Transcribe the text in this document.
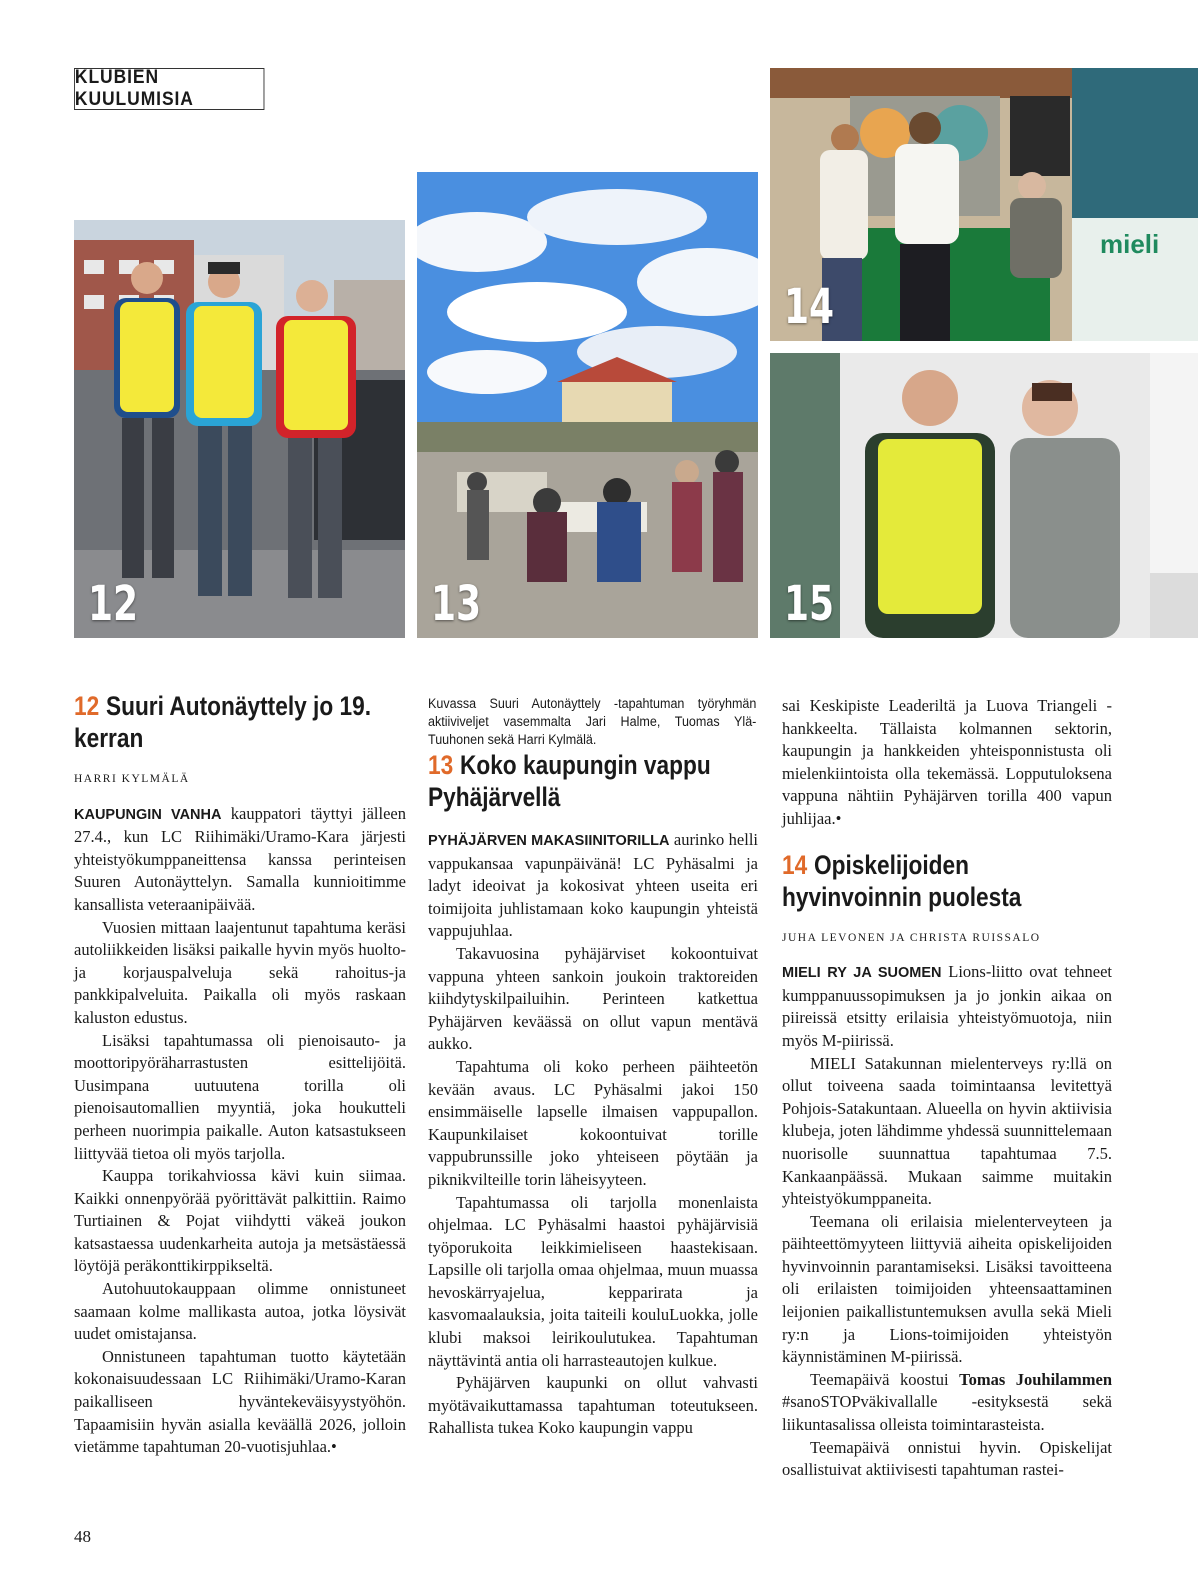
KLUBIEN KUULUMISIA
12	13
mieli
14
15
12 Suuri Autonäyttely jo 19. kerran
HARRI KYLMÄLÄ

KAUPUNGIN VANHA kauppatori täyttyi jälleen 27.4., kun LC Riihimäki/Uramo-Kara järjesti yhteistyökumppaneittensa kanssa perinteisen Suuren Autonäyttelyn. Samalla kunnioitimme kansallista veteraanipäivää.

Vuosien mittaan laajentunut tapahtuma keräsi autoliikkeiden lisäksi paikalle hyvin myös huolto- ja korjauspalveluja sekä rahoitus-ja pankkipalveluita. Paikalla oli myös raskaan kaluston edustus.

Lisäksi tapahtumassa oli pienoisauto- ja moottoripyöräharrastusten esittelijöitä. Uusimpana uutuutena torilla oli pienoisautomallien myyntiä, joka houkutteli perheen nuorimpia paikalle. Auton katsastukseen liittyvää tietoa oli myös tarjolla.

Kauppa torikahviossa kävi kuin siimaa. Kaikki onnenpyörää pyörittävät palkittiin. Raimo Turtiainen & Pojat viihdytti väkeä joukon katsastaessa uudenkarheita autoja ja metsästäessä löytöjä peräkonttikirppikseltä.

Autohuutokauppaan olimme onnistuneet saamaan kolme mallikasta autoa, jotka löysivät uudet omistajansa.

Onnistuneen tapahtuman tuotto käytetään kokonaisuudessaan LC Riihimäki/Uramo-Karan paikalliseen hyväntekeväisyystyöhön. Tapaamisiin hyvän asialla keväällä 2026, jolloin vietämme tapahtuman 20-vuotisjuhlaa.•

Kuvassa Suuri Autonäyttely -tapahtuman työryhmän aktiiviveljet vasemmalta Jari Halme, Tuomas Ylä-Tuuhonen sekä Harri Kylmälä.

13 Koko kaupungin vappu Pyhäjärvellä

PYHÄJÄRVEN MAKASIINITORILLA aurinko helli vappukansaa vapunpäivänä! LC Pyhäsalmi ja ladyt ideoivat ja kokosivat yhteen useita eri toimijoita juhlistamaan koko kaupungin yhteistä vappujuhlaa.

Takavuosina pyhäjärviset kokoontuivat vappuna yhteen sankoin joukoin traktoreiden kiihdytyskilpailuihin. Perinteen katkettua Pyhäjärven keväässä on ollut vapun mentävä aukko.

Tapahtuma oli koko perheen päihteetön kevään avaus. LC Pyhäsalmi jakoi 150 ensimmäiselle lapselle ilmaisen vappupallon. Kaupunkilaiset kokoontuivat torille vappubrunssille joko yhteiseen pöytään ja piknikvilteille torin läheisyyteen.

Tapahtumassa oli tarjolla monenlaista ohjelmaa. LC Pyhäsalmi haastoi pyhäjärvisiä työporukoita leikkimieliseen haastekisaan. Lapsille oli tarjolla omaa ohjelmaa, muun muassa hevoskärryajelua, kepparirata ja kasvomaalauksia, joita taiteili kouluLuokka, jolle klubi maksoi leirikoulutukea. Tapahtuman näyttävintä antia oli harrasteautojen kulkue.

Pyhäjärven kaupunki on ollut vahvasti myötävaikuttamassa tapahtuman toteutukseen. Rahallista tukea Koko kaupungin vappu

sai Keskipiste Leaderiltä ja Luova Triangeli -hankkeelta. Tällaista kolmannen sektorin, kaupungin ja hankkeiden yhteisponnistusta oli mielenkiintoista olla tekemässä. Lopputuloksena vappuna nähtiin Pyhäjärven torilla 400 vapun juhlijaa.•

14 Opiskelijoiden hyvinvoinnin puolesta
JUHA LEVONEN JA CHRISTA RUISSALO

MIELI RY JA SUOMEN Lions-liitto ovat tehneet kumppanuussopimuksen ja jo jonkin aikaa on piireissä etsitty erilaisia yhteistyömuotoja, niin myös M-piirissä.

MIELI Satakunnan mielenterveys ry:llä on ollut toiveena saada toimintaansa levitettyä Pohjois-Satakuntaan. Alueella on hyvin aktiivisia klubeja, joten lähdimme yhdessä suunnittelemaan nuorisolle suunnattua tapahtumaa 7.5. Kankaanpäässä. Mukaan saimme muitakin yhteistyökumppaneita.

Teemana oli erilaisia mielenterveyteen ja päihteettömyyteen liittyviä aiheita opiskelijoiden hyvinvoinnin parantamiseksi. Lisäksi tavoitteena oli erilaisten toimijoiden yhteensaattaminen leijonien paikallistuntemuksen avulla sekä Mieli ry:n ja Lions-toimijoiden yhteistyön käynnistäminen M-piirissä.

Teemapäivä koostui Tomas Jouhilammen #sanoSTOPväkivallalle -esityksestä sekä liikuntasalissa olleista toimintarasteista.

Teemapäivä onnistui hyvin. Opiskelijat osallistuivat aktiivisesti tapahtuman rastei-

48
